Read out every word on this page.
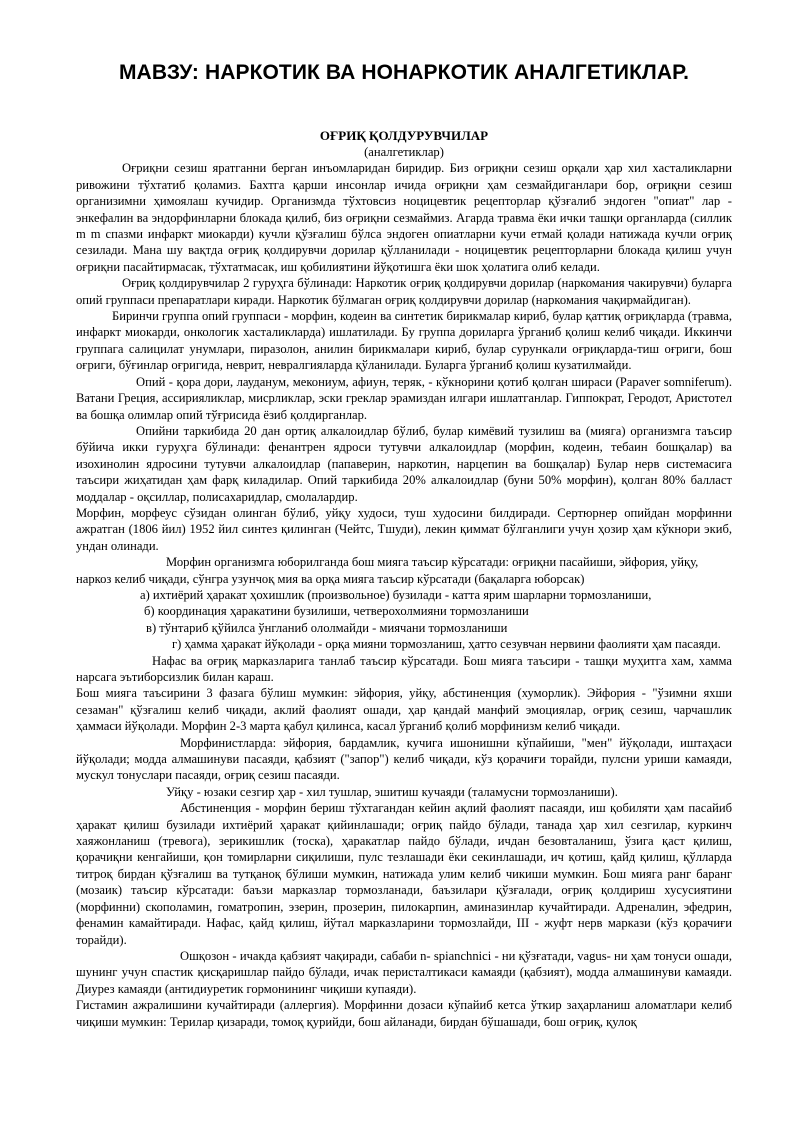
МАВЗУ: НАРКОТИК ВА НОНАРКОТИК АНАЛГЕТИКЛАР.
ОҒРИҚ ҚОЛДУРУВЧИЛАР
(аналгетиклар)

Оғриқни сезиш яратганни берган инъомларидан биридир. Биз оғриқни сезиш орқали ҳар хил хасталикларни ривожини тўхтатиб қоламиз. Бахтга қарши инсонлар ичида оғриқни ҳам сезмайдиганлари бор, оғриқни сезиш организимни ҳимоялаш кучидир. Организмда тўхтовсиз ноцицевтик рецепторлар қўзғалиб эндоген "опиат" лар - энкефалин ва эндорфинларни блокада қилиб, биз оғриқни сезмаймиз. Агарда травма ёки ички ташқи органларда (силлик m m спазми инфаркт миокарди) кучли қўзғалиш бўлса эндоген опиатларни кучи етмай қолади натижада кучли оғриқ сезилади. Мана шу вақтда оғриқ қолдирувчи дорилар қўлланилади - ноцицевтик рецепторларни блокада қилиш учун оғриқни пасайтирмасак, тўхтатмасак, иш қобилиятини йўқотишга ёки шок ҳолатига олиб келади.

Оғриқ қолдирувчилар 2 гуруҳга бўлинади: Наркотик оғриқ қолдирувчи дорилар (наркомания чакирувчи) буларга опий группаси препаратлари киради. Наркотик бўлмаган оғриқ қолдирувчи дорилар (наркомания чақирмайдиган).

Биринчи группа опий группаси - морфин, кодеин ва синтетик бирикмалар кириб, булар қаттиқ оғриқларда (травма, инфаркт миокарди, онкологик хасталикларда) ишлатилади. Бу группа дориларга ўрганиб қолиш келиб чиқади. Иккинчи группага салицилат унумлари, пиразолон, анилин бирикмалари кириб, булар сурункали оғриқларда-тиш оғриги, бош оғриги, бўғинлар оғригида, неврит, невралгияларда қўланилади. Буларга ўрганиб қолиш кузатилмайди.

Опий - қора дори, лауданум, мекониум, афиун, теряк, - кўкнорини қотиб қолган шираси (Papaver somniferum). Ватани Греция, ассирияликлар, мисрликлар, эски греклар эрамиздан илгари ишлатганлар. Гиппократ, Геродот, Аристотел ва бошқа олимлар опий тўғрисида ёзиб қолдирганлар.

Опийни таркибида 20 дан ортиқ алкалоидлар бўлиб, булар кимёвий тузилиш ва (мияга) организмга таъсир бўйича икки гуруҳга бўлинади: фенантрен ядроси тутувчи алкалоидлар (морфин, кодеин, тебаин бошқалар) ва изохинолин ядросини тутувчи алкалоидлар (папаверин, наркотин, нарцепин ва бошқалар) Булар нерв системасига таъсири жиҳатидан ҳам фарқ киладилар. Опий таркибида 20% алкалоидлар (буни 50% морфин), қолган 80% балласт моддалар - оқсиллар, полисахаридлар, смолалардир.

Морфин, морфеус сўзидан олинган бўлиб, уйқу худоси, туш худосини билдиради. Сертюрнер опийдан морфинни ажратган (1806 йил) 1952 йил синтез қилинган (Чейтс, Тшуди), лекин қиммат бўлганлиги учун ҳозир ҳам кўкнори экиб, ундан олинади.

Морфин организмга юборилганда бош мияга таъсир кўрсатади: оғриқни пасайиши, эйфория, уйқу, наркоз келиб чиқади, сўнгра узунчоқ мия ва орқа мияга таъсир кўрсатади (бақаларга юборсак)

а) ихтиёрий ҳаракат ҳохишлик (произвольное) бузилади - катта ярим шарларни тормозланиши,

б) координация ҳаракатини бузилиши, четверохолмияни тормозланиши

в) тўнтариб қўйилса ўнгланиб ололмайди - миячани тормозланиши

г) ҳамма ҳаракат йўқолади - орқа мияни тормозланиш, ҳатто сезувчан нервини фаолияти ҳам пасаяди.

Нафас ва оғриқ марказларига танлаб таъсир кўрсатади. Бош мияга таъсири - ташқи муҳитга хам, хамма нарсага эътиборсизлик билан караш.

Бош мияга таъсирини 3 фазага бўлиш мумкин: эйфория, уйқу, абстиненция (хуморлик). Эйфория - "ўзимни яхши сезаман" қўзғалиш келиб чиқади, аклий фаолият ошади, ҳар қандай манфий эмоциялар, оғриқ сезиш, чарчашлик ҳаммаси йўқолади. Морфин 2-3 марта қабул қилинса, касал ўрганиб қолиб морфинизм келиб чиқади.

Морфинистларда: эйфория, бардамлик, кучига ишонишни кўпайиши, "мен" йўқолади, иштаҳаси йўқолади; модда алмашинуви пасаяди, қабзият ("запор") келиб чиқади, кўз қорачиғи торайди, пулсни уриши камаяди, мускул тонуслари пасаяди, оғриқ сезиш пасаяди.

Уйқу - юзаки сезгир ҳар - хил тушлар, эшитиш кучаяди (таламусни тормозланиши).

Абстиненция - морфин бериш тўхтагандан кейин ақлий фаолият пасаяди, иш қобиляти ҳам пасайиб ҳаракат қилиш бузилади ихтиёрий ҳаракат қийинлашади; оғриқ пайдо бўлади, танада ҳар хил сезгилар, куркинч хаяжонланиш (тревога), зерикишлик (тоска), ҳаракатлар пайдо бўлади, ичдан безовталаниш, ўзига қаст қилиш, қорачиқни кенгайиши, қон томирларни сиқилиши, пулс тезлашади ёки секинлашади, ич қотиш, қайд қилиш, қўлларда титроқ бирдан қўзғалиш ва тутқаноқ бўлиши мумкин, натижада улим келиб чикиши мумкин. Бош мияга ранг баранг (мозаик) таъсир кўрсатади: баъзи марказлар тормозланади, баъзилари қўзғалади, оғриқ қолдириш хусусиятини (морфинни) скополамин, гоматропин, эзерин, прозерин, пилокарпин, аминазинлар кучайтиради. Адреналин, эфедрин, фенамин камайтиради. Нафас, қайд қилиш, йўтал марказларини тормозлайди, III - жуфт нерв маркази (кўз қорачиғи торайди).

Ошқозон - ичакда қабзият чақиради, сабаби n- spianchnici - ни қўзғатади, vagus- ни ҳам тонуси ошади, шунинг учун спастик қисқаришлар пайдо бўлади, ичак перисталтикаси камаяди (қабзият), модда алмашинуви камаяди. Диурез камаяди (антидиуретик гормонининг чиқиши купаяди).

Гистамин ажралишини кучайтиради (аллергия). Морфинни дозаси кўпайиб кетса ўткир заҳарланиш аломатлари келиб чиқиши мумкин: Терилар қизаради, томоқ қурийди, бош айланади, бирдан бўшашади, бош оғриқ, қулоқ
